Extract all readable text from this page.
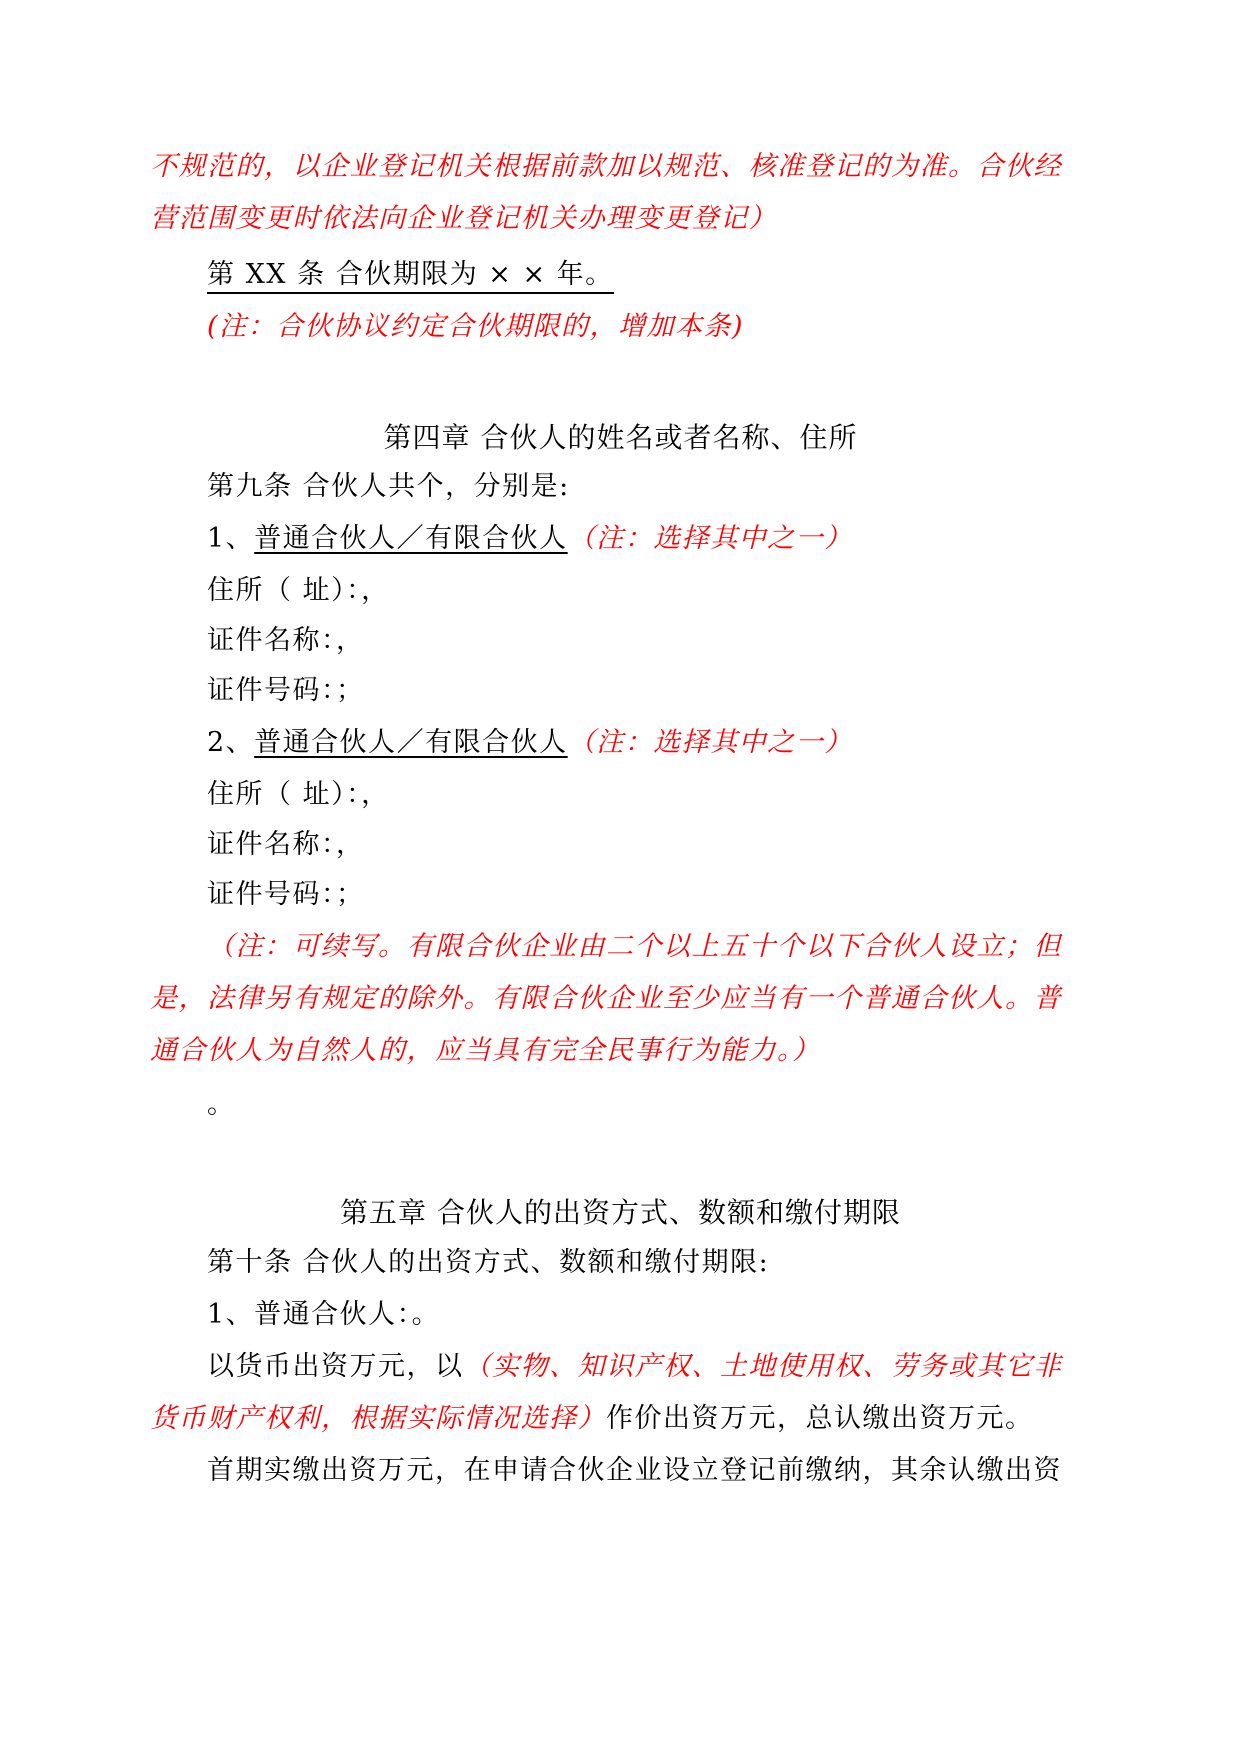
不规范的，以企业登记机关根据前款加以规范、核准登记的为准。合伙经
营范围变更时依法向企业登记机关办理变更登记）
第 XX 条 合伙期限为 × × 年。
(注：合伙协议约定合伙期限的，增加本条)
第四章 合伙人的姓名或者名称、住所
第九条 合伙人共个，分别是:
1、普通合伙人／有限合伙人（注：选择其中之一）
住所（ 址）：，
证件名称：，
证件号码：；
2、普通合伙人／有限合伙人（注：选择其中之一）
住所（ 址）：，
证件名称：，
证件号码：；
（注：可续写。有限合伙企业由二个以上五十个以下合伙人设立；但
是，法律另有规定的除外。有限合伙企业至少应当有一个普通合伙人。普
通合伙人为自然人的，应当具有完全民事行为能力。）
。
第五章 合伙人的出资方式、数额和缴付期限
第十条 合伙人的出资方式、数额和缴付期限:
1、普通合伙人：。
以货币出资万元，以（实物、知识产权、土地使用权、劳务或其它非
货币财产权利，根据实际情况选择）作价出资万元，总认缴出资万元。
首期实缴出资万元，在申请合伙企业设立登记前缴纳，其余认缴出资
